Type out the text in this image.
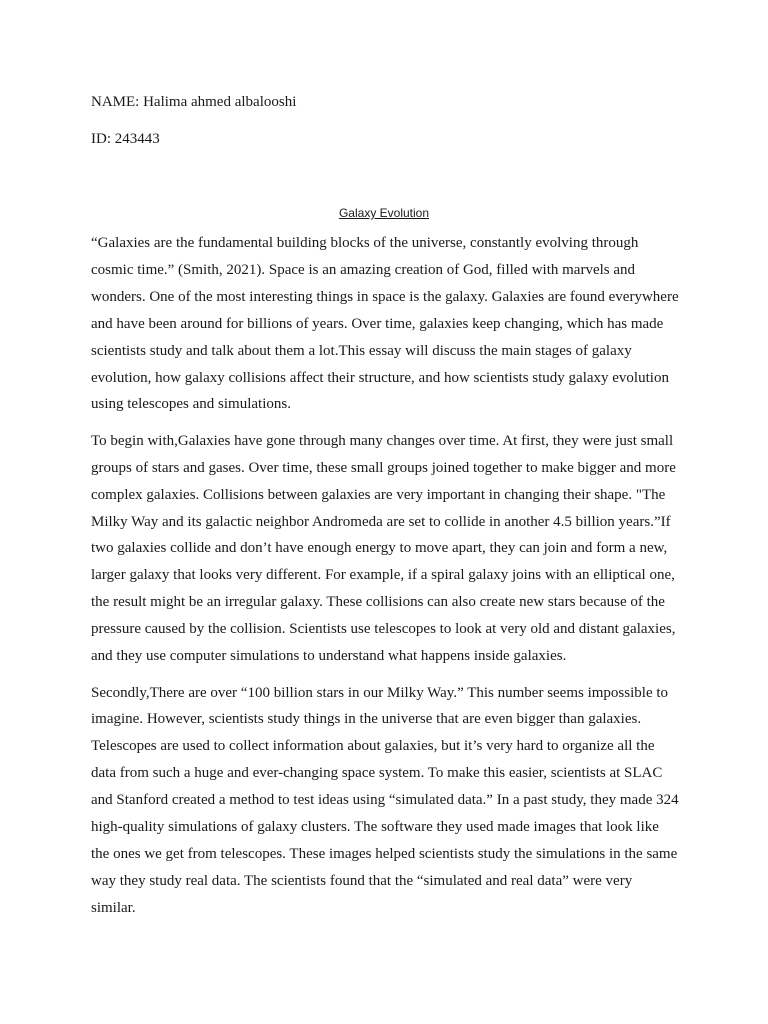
NAME: Halima ahmed albalooshi
ID: 243443
Galaxy Evolution

“Galaxies are the fundamental building blocks of the universe, constantly evolving through cosmic time.” (Smith, 2021). Space is an amazing creation of God, filled with marvels and wonders. One of the most interesting things in space is the galaxy. Galaxies are found everywhere and have been around for billions of years. Over time, galaxies keep changing, which has made scientists study and talk about them a lot.This essay will discuss the main stages of galaxy evolution, how galaxy collisions affect their structure, and how scientists study galaxy evolution using telescopes and simulations.

To begin with,Galaxies have gone through many changes over time. At first, they were just small groups of stars and gases. Over time, these small groups joined together to make bigger and more complex galaxies. Collisions between galaxies are very important in changing their shape. "The Milky Way and its galactic neighbor Andromeda are set to collide in another 4.5 billion years.”If two galaxies collide and don’t have enough energy to move apart, they can join and form a new, larger galaxy that looks very different. For example, if a spiral galaxy joins with an elliptical one, the result might be an irregular galaxy. These collisions can also create new stars because of the pressure caused by the collision. Scientists use telescopes to look at very old and distant galaxies, and they use computer simulations to understand what happens inside galaxies.

Secondly,There are over “100 billion stars in our Milky Way.” This number seems impossible to imagine. However, scientists study things in the universe that are even bigger than galaxies. Telescopes are used to collect information about galaxies, but it’s very hard to organize all the data from such a huge and ever-changing space system. To make this easier, scientists at SLAC and Stanford created a method to test ideas using “simulated data.” In a past study, they made 324 high-quality simulations of galaxy clusters. The software they used made images that look like the ones we get from telescopes. These images helped scientists study the simulations in the same way they study real data. The scientists found that the “simulated and real data” were very similar.
